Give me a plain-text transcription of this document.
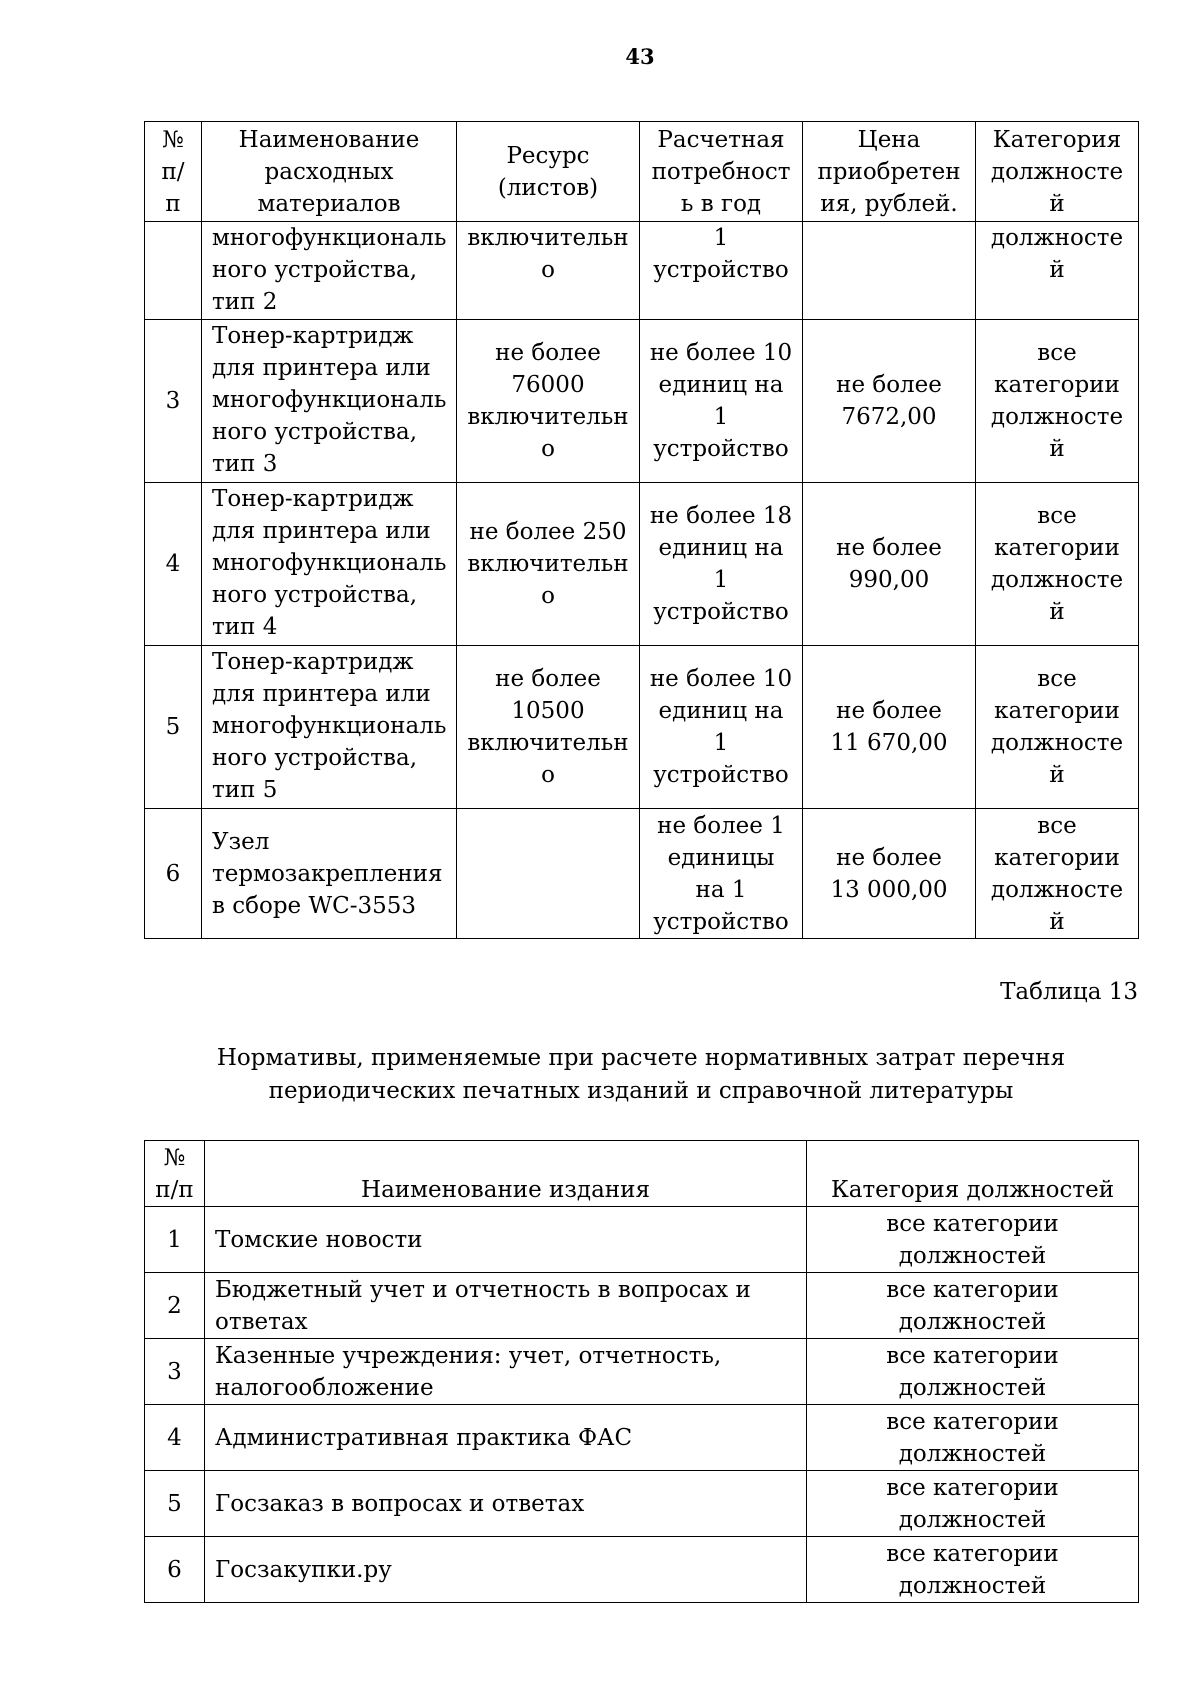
43
№
п/
п	Наименование
расходных
материалов	Ресурс
(листов)	Расчетная
потребност
ь в год	Цена
приобретен
ия, рублей.	Категория
должносте
й
	многофункциональ
ного устройства,
тип 2	включительн
о	1
устройство		должносте
й
3	Тонер-картридж
для принтера или
многофункциональ
ного устройства,
тип 3	не более
76000
включительн
о	не более 10
единиц на
1
устройство	не более
7672,00	все
категории
должносте
й
4	Тонер-картридж
для принтера или
многофункциональ
ного устройства,
тип 4	не более 250
включительн
о	не более 18
единиц на
1
устройство	не более
990,00	все
категории
должносте
й
5	Тонер-картридж
для принтера или
многофункциональ
ного устройства,
тип 5	не более
10500
включительн
о	не более 10
единиц на
1
устройство	не более
11 670,00	все
категории
должносте
й
6	Узел
термозакрепления
в сборе WC-3553		не более 1
единицы
на 1
устройство	не более
13 000,00	все
категории
должносте
й
Таблица 13
Нормативы, применяемые при расчете нормативных затрат перечня
периодических печатных изданий и справочной литературы
№
п/п	Наименование издания	Категория должностей
1	Томские новости	все категории
должностей
2	Бюджетный учет и отчетность в вопросах и
ответах	все категории
должностей
3	Казенные учреждения: учет, отчетность,
налогообложение	все категории
должностей
4	Административная практика ФАС	все категории
должностей
5	Госзаказ в вопросах и ответах	все категории
должностей
6	Госзакупки.ру	все категории
должностей
